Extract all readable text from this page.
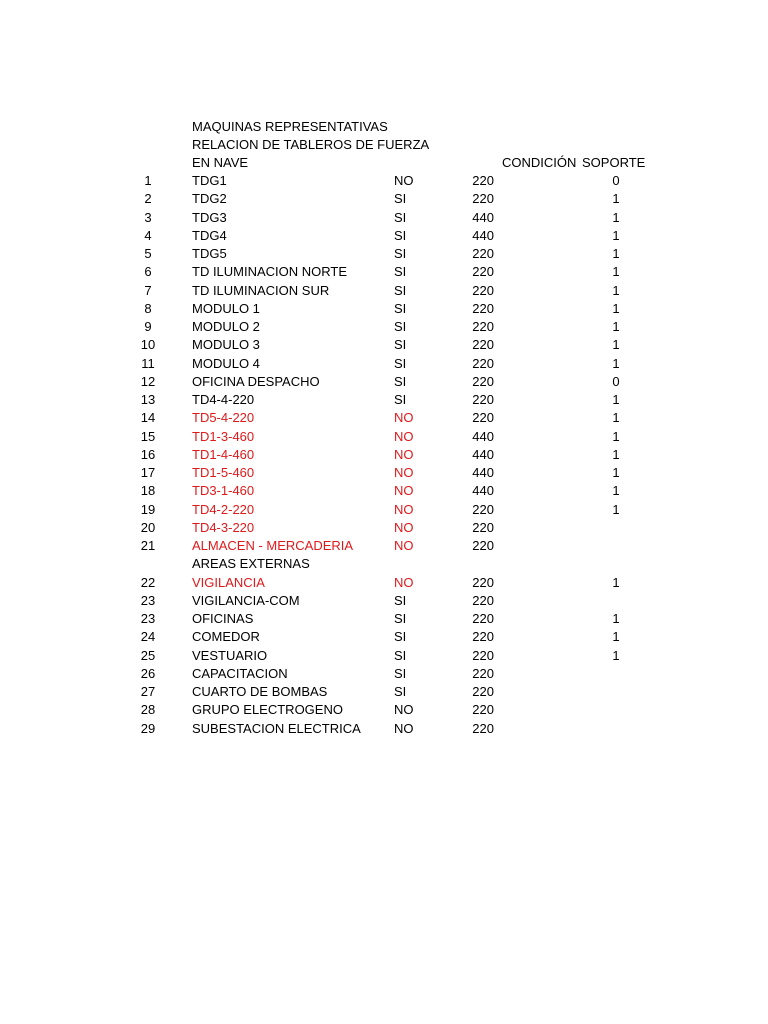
MAQUINAS REPRESENTATIVAS
RELACION DE TABLEROS DE FUERZA
EN NAVE	CONDICIÓN SOPORTE
1	TDG1	NO	220	0
2	TDG2	SI	220	1
3	TDG3	SI	440	1
4	TDG4	SI	440	1
5	TDG5	SI	220	1
6	TD ILUMINACION NORTE	SI	220	1
7	TD ILUMINACION SUR	SI	220	1
8	MODULO 1	SI	220	1
9	MODULO 2	SI	220	1
10	MODULO 3	SI	220	1
11	MODULO 4	SI	220	1
12	OFICINA DESPACHO	SI	220	0
13	TD4-4-220	SI	220	1
14	TD5-4-220	NO	220	1
15	TD1-3-460	NO	440	1
16	TD1-4-460	NO	440	1
17	TD1-5-460	NO	440	1
18	TD3-1-460	NO	440	1
19	TD4-2-220	NO	220	1
20	TD4-3-220	NO	220
21	ALMACEN - MERCADERIA	NO	220
AREAS EXTERNAS
22	VIGILANCIA	NO	220	1
23	VIGILANCIA-COM	SI	220
23	OFICINAS	SI	220	1
24	COMEDOR	SI	220	1
25	VESTUARIO	SI	220	1
26	CAPACITACION	SI	220
27	CUARTO DE BOMBAS	SI	220
28	GRUPO ELECTROGENO	NO	220
29	SUBESTACION ELECTRICA	NO	220
